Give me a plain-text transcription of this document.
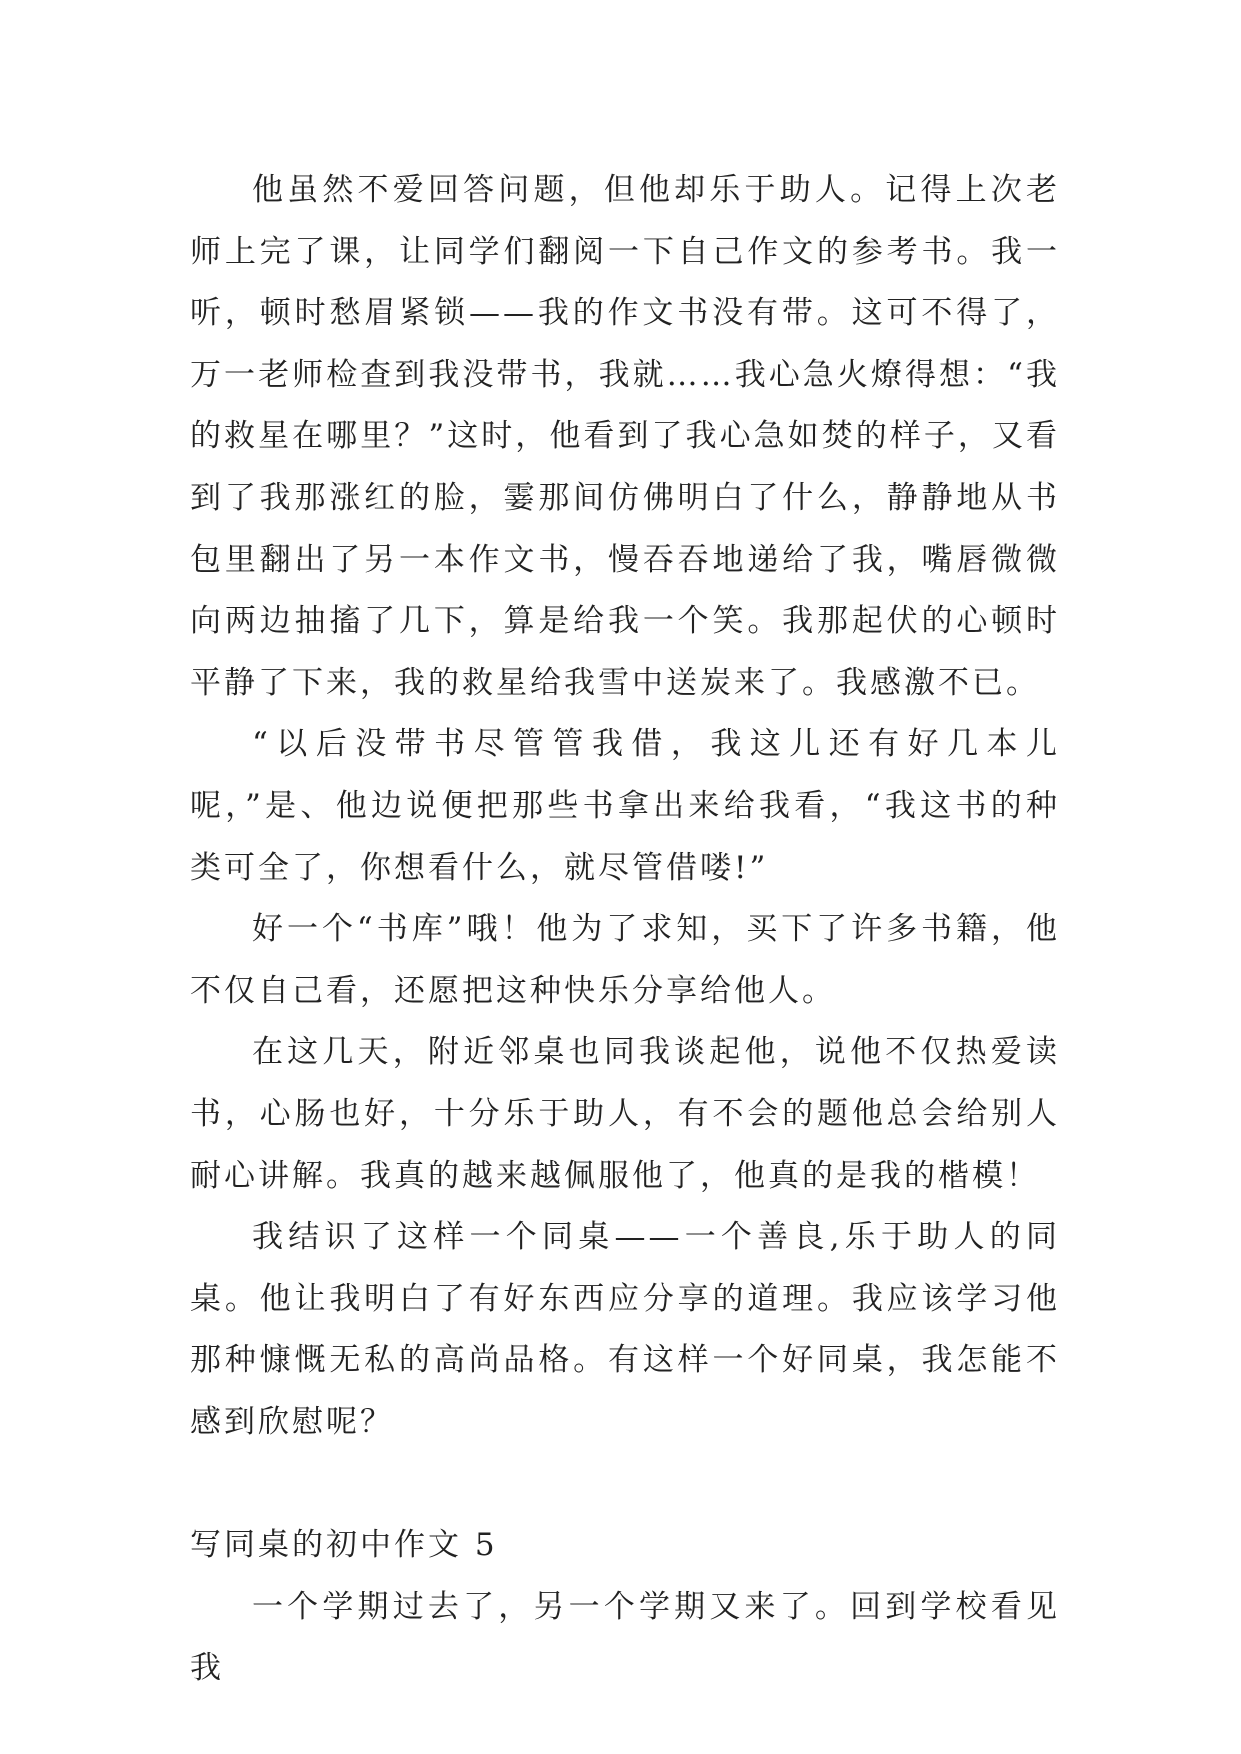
他虽然不爱回答问题，但他却乐于助人。记得上次老师上完了课，让同学们翻阅一下自己作文的参考书。我一听，顿时愁眉紧锁——我的作文书没有带。这可不得了，万一老师检查到我没带书，我就……我心急火燎得想：“我的救星在哪里？”这时，他看到了我心急如焚的样子，又看到了我那涨红的脸，霎那间仿佛明白了什么，静静地从书包里翻出了另一本作文书，慢吞吞地递给了我，嘴唇微微向两边抽搐了几下，算是给我一个笑。我那起伏的心顿时平静了下来，我的救星给我雪中送炭来了。我感激不已。

“以后没带书尽管管我借，我这儿还有好几本儿呢，”是、他边说便把那些书拿出来给我看，“我这书的种类可全了，你想看什么，就尽管借喽!”

好一个“书库”哦！他为了求知，买下了许多书籍，他不仅自己看，还愿把这种快乐分享给他人。

在这几天，附近邻桌也同我谈起他，说他不仅热爱读书，心肠也好，十分乐于助人，有不会的题他总会给别人耐心讲解。我真的越来越佩服他了，他真的是我的楷模！

我结识了这样一个同桌——一个善良,乐于助人的同桌。他让我明白了有好东西应分享的道理。我应该学习他那种慷慨无私的高尚品格。有这样一个好同桌，我怎能不感到欣慰呢？

写同桌的初中作文 5

一个学期过去了，另一个学期又来了。回到学校看见我
